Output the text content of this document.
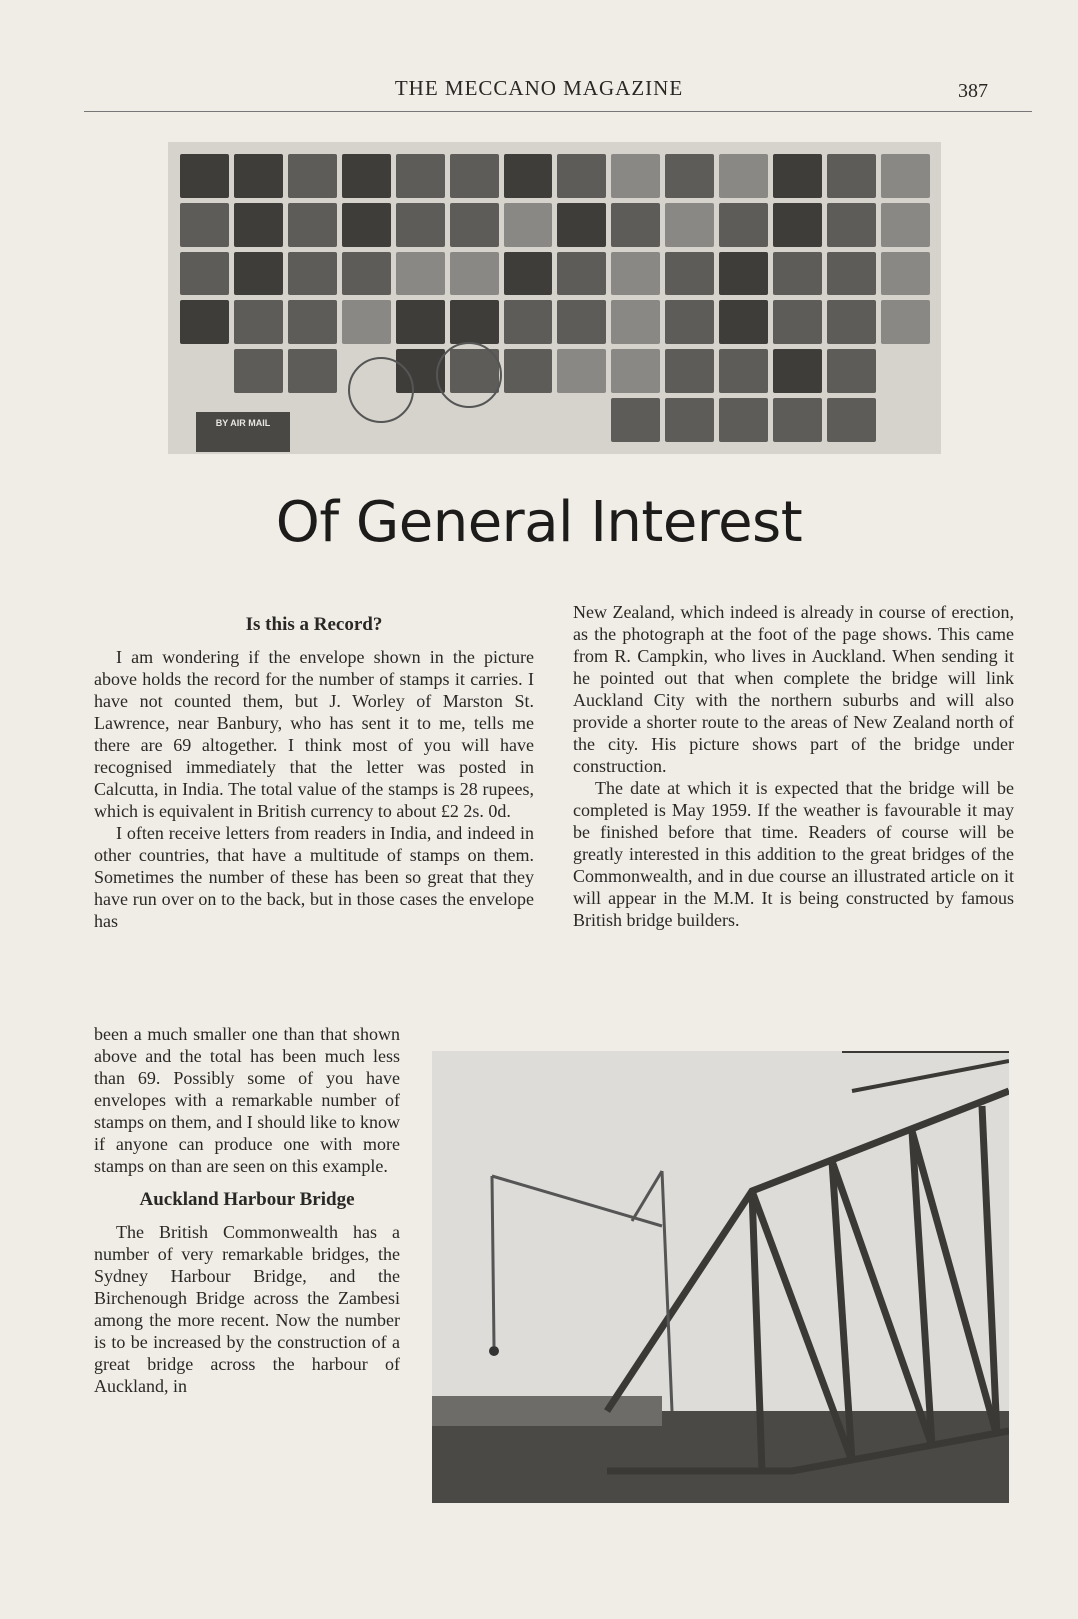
THE MECCANO MAGAZINE	387
BY AIR MAIL
Of General Interest
Is this a Record?

I am wondering if the envelope shown in the picture above holds the record for the number of stamps it carries. I have not counted them, but J. Worley of Marston St. Lawrence, near Banbury, who has sent it to me, tells me there are 69 altogether. I think most of you will have recognised immediately that the letter was posted in Calcutta, in India. The total value of the stamps is 28 rupees, which is equivalent in British currency to about £2 2s. 0d.

I often receive letters from readers in India, and indeed in other countries, that have a multitude of stamps on them. Sometimes the number of these has been so great that they have run over on to the back, but in those cases the envelope has

been a much smaller one than that shown above and the total has been much less than 69. Possibly some of you have envelopes with a remarkable number of stamps on them, and I should like to know if anyone can produce one with more stamps on than are seen on this example.

Auckland Harbour Bridge

The British Commonwealth has a number of very remarkable bridges, the Sydney Harbour Bridge, and the Birchenough Bridge across the Zambesi among the more recent. Now the number is to be increased by the construction of a great bridge across the harbour of Auckland, in

New Zealand, which indeed is already in course of erection, as the photograph at the foot of the page shows. This came from R. Campkin, who lives in Auckland. When sending it he pointed out that when complete the bridge will link Auckland City with the northern suburbs and will also provide a shorter route to the areas of New Zealand north of the city. His picture shows part of the bridge under construction.

The date at which it is expected that the bridge will be completed is May 1959. If the weather is favourable it may be finished before that time. Readers of course will be greatly interested in this addition to the great bridges of the Commonwealth, and in due course an illustrated article on it will appear in the M.M. It is being constructed by famous British bridge builders.
